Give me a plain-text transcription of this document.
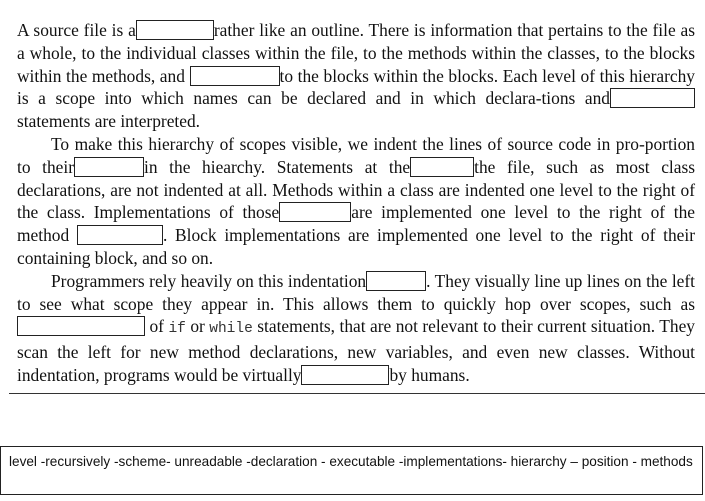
A source file is a	rather like an outline. There is information that pertains to the file as a whole, to the individual classes within the file, to the methods within the classes, to the blocks within the methods, and	to the blocks within the blocks. Each level of this hierarchy is a scope into which names can be declared and in which declara-tions andstatements are interpreted.

To make this hierarchy of scopes visible, we indent the lines of source code in pro-portion to their	in the hiearchy. Statements at the	the file, such as most class declarations, are not indented at all. Methods within a class are indented one level to the right of the class. Implementations of those	are implemented one level to the right of the method	. Block implementations are implemented one level to the right of their containing block, and so on.

Programmers rely heavily on this indentation	. They visually line up lines on the left to see what scope they appear in. This allows them to quickly hop over scopes, such as  of if or while statements, that are not relevant to their current situation. They scan the left for new method declarations, new variables, and even new classes. Without indentation, programs would be virtually	by humans.

level -recursively -scheme- unreadable -declaration - executable -implementations- hierarchy – position - methods
